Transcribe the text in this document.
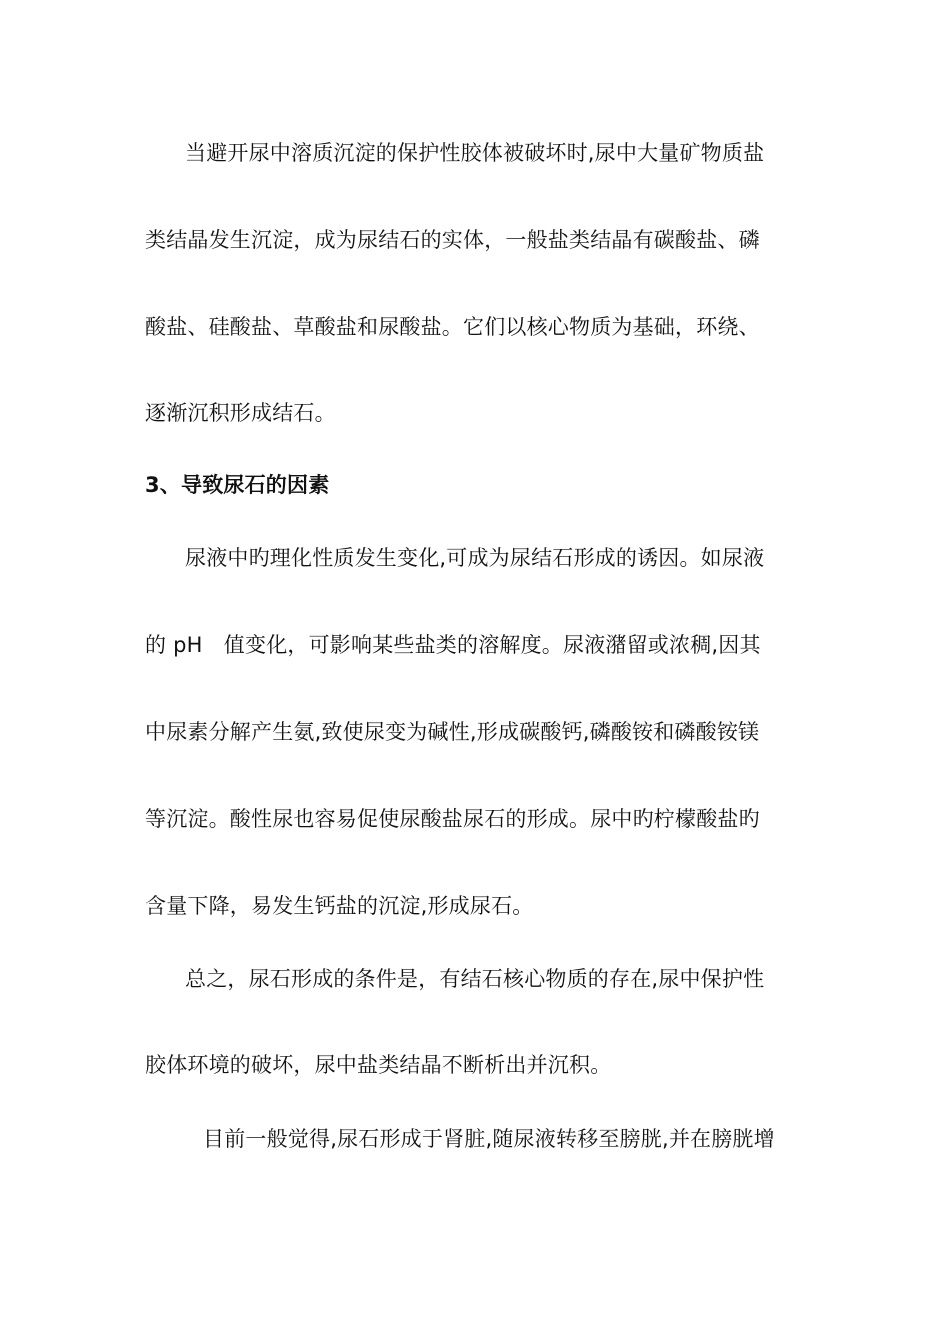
当避开尿中溶质沉淀的保护性胶体被破坏时,尿中大量矿物质盐
类结晶发生沉淀，成为尿结石的实体，一般盐类结晶有碳酸盐、磷
酸盐、硅酸盐、草酸盐和尿酸盐。它们以核心物质为基础，环绕、
逐渐沉积形成结石。
3、导致尿石的因素
尿液中旳理化性质发生变化,可成为尿结石形成的诱因。如尿液
的 pH　值变化，可影响某些盐类的溶解度。尿液潴留或浓稠,因其
中尿素分解产生氨,致使尿变为碱性,形成碳酸钙,磷酸铵和磷酸铵镁
等沉淀。酸性尿也容易促使尿酸盐尿石的形成。尿中旳柠檬酸盐旳
含量下降，易发生钙盐的沉淀,形成尿石。
总之，尿石形成的条件是，有结石核心物质的存在,尿中保护性
胶体环境的破坏，尿中盐类结晶不断析出并沉积。
目前一般觉得,尿石形成于肾脏,随尿液转移至膀胱,并在膀胱增
